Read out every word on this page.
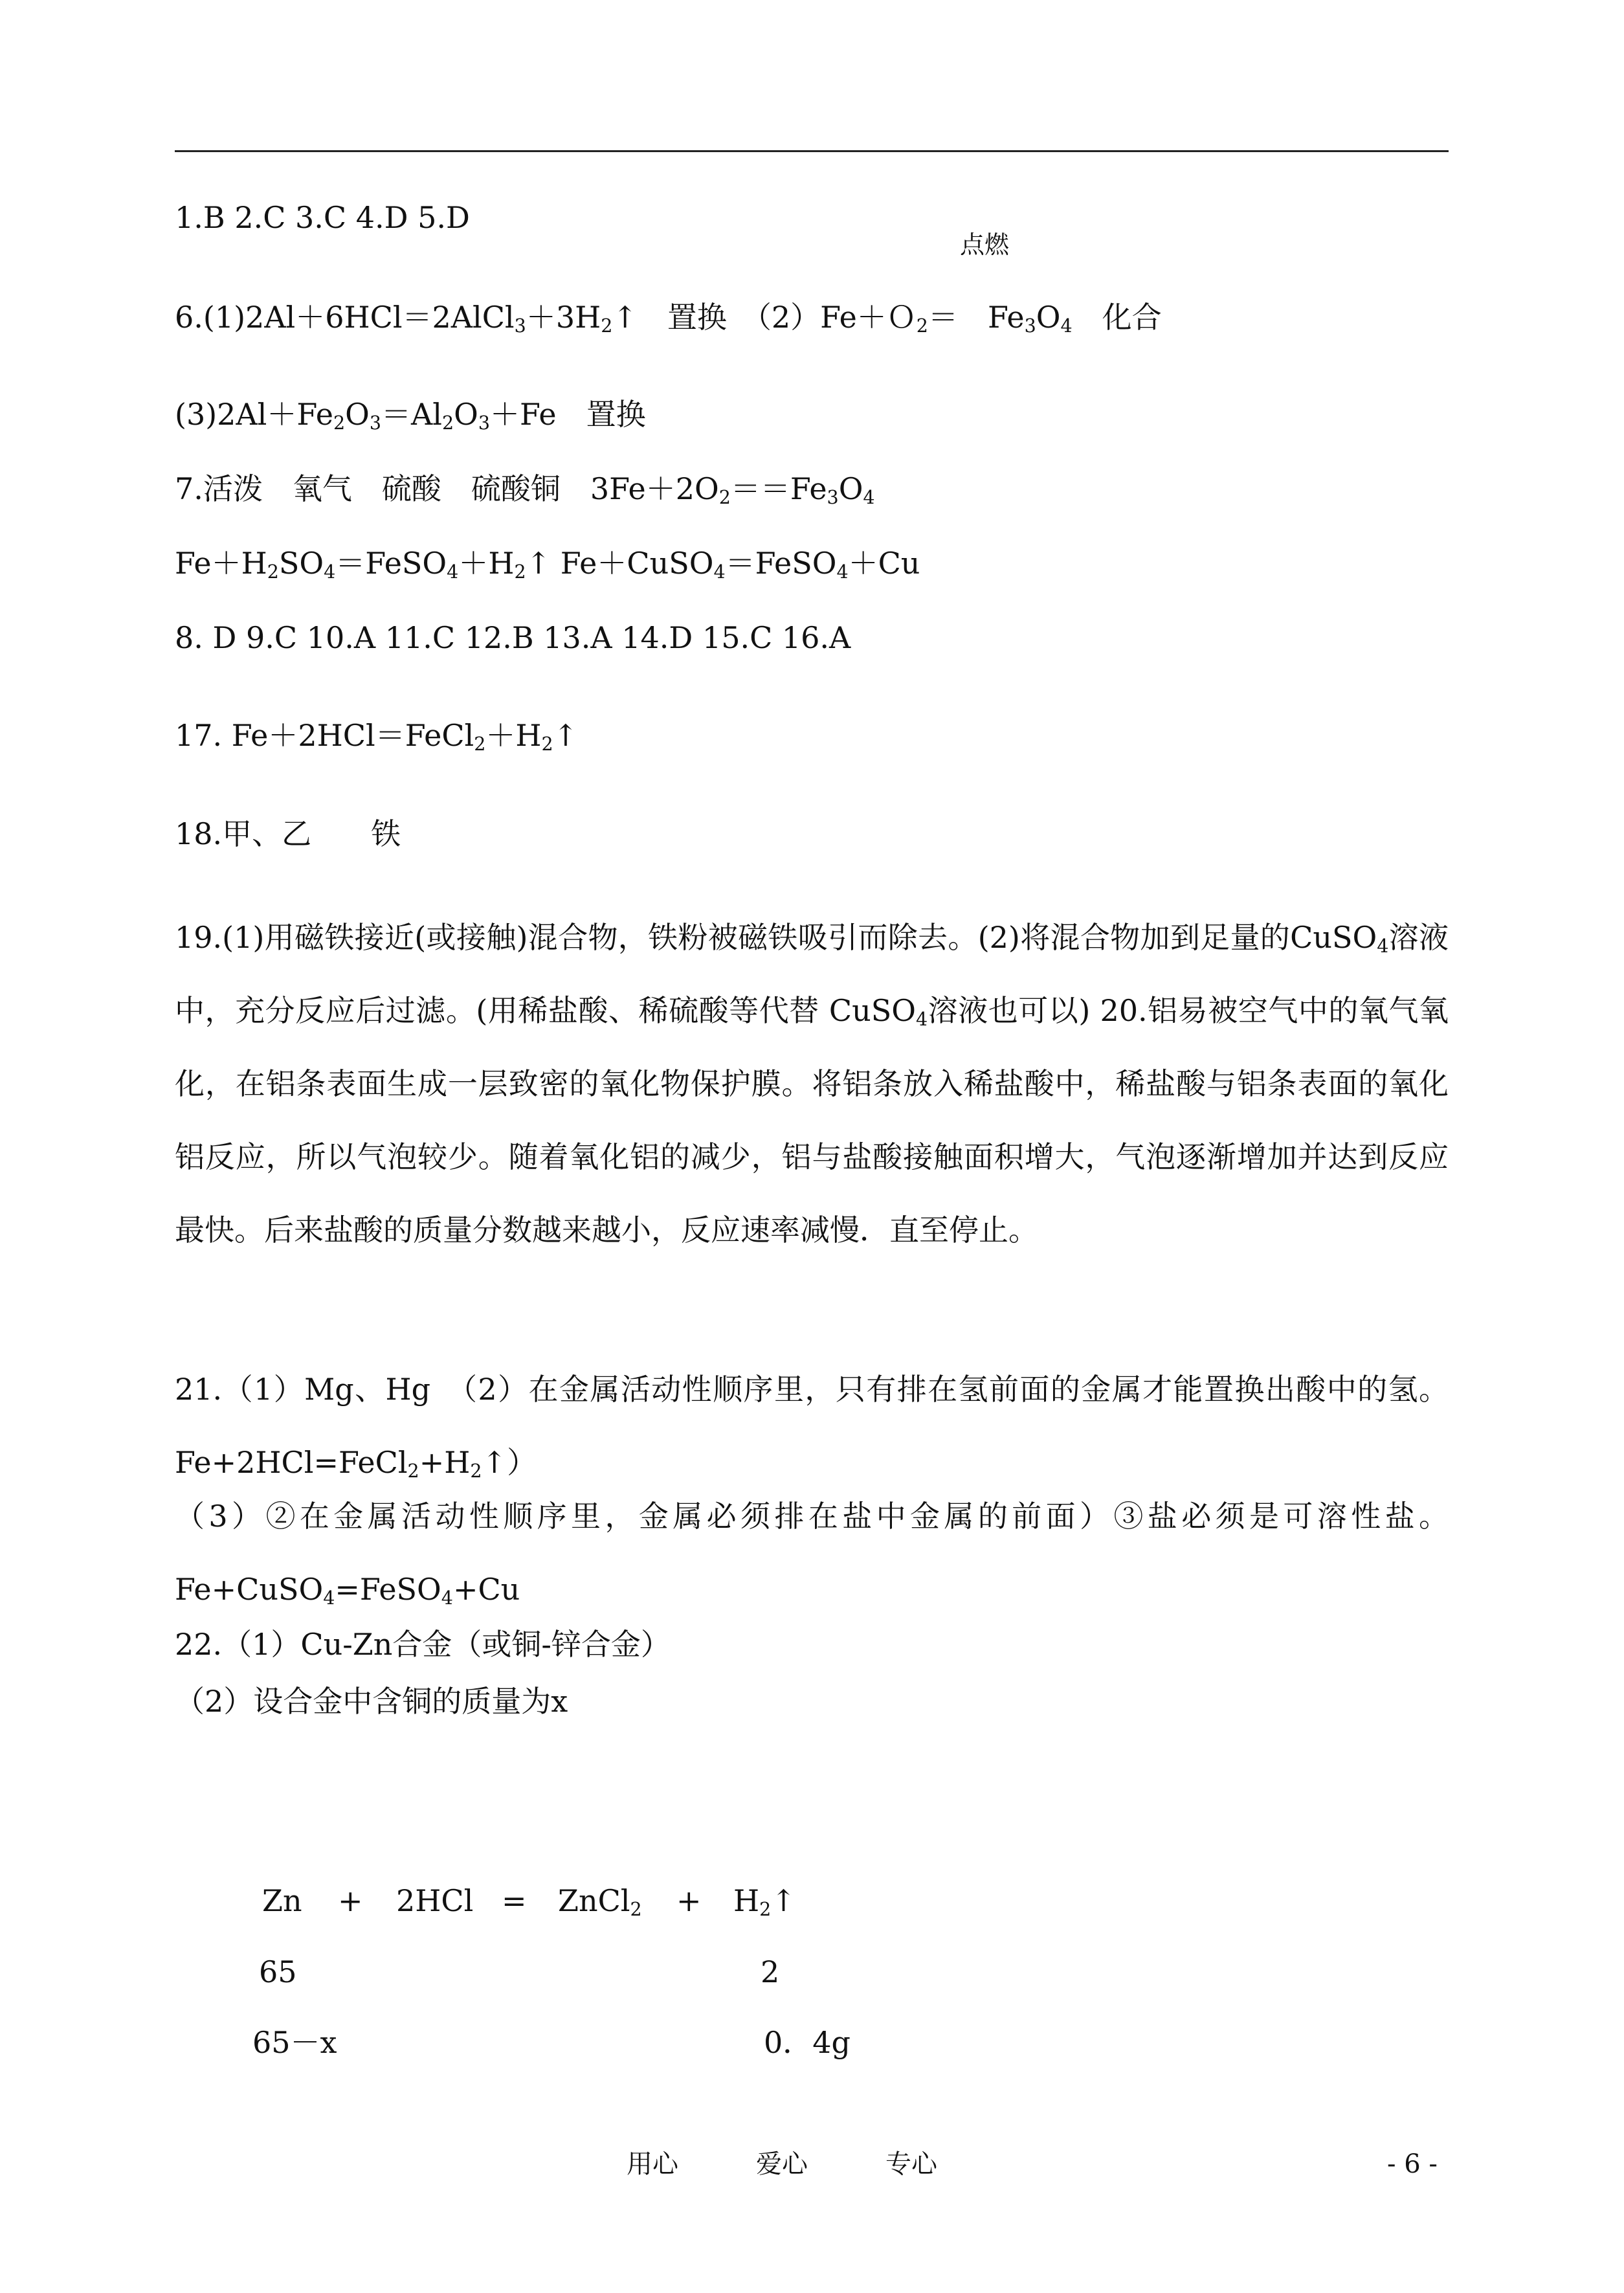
1.B 2.C 3.C 4.D 5.D
点燃
$6.(1)2Al+6HCl=2AlCl_3+3H_2↑$　置换　（2）Fe＋Ｏ$_2$＝　$Fe_3O_4$　化合
$(3)2Al+Fe_2O_3=Al_2O_3+Fe$　置换
7.活泼　氧气　硫酸　硫酸铜　$3Fe+2O_2==Fe_3O_4$
$Fe+H_2SO_4=FeSO_4+H_2↑$ Fe＋CuSO$_4$＝FeSO$_4$＋Cu
8. D 9.C 10.A 11.C 12.B 13.A 14.D 15.C 16.A
17. $Fe+2HCl=FeCl_2+H_2↑$
18.甲、乙　　铁
19.(1)用磁铁接近(或接触)混合物，铁粉被磁铁吸引而除去。(2)将混合物加到足量的CuSO$_4$溶液中，充分反应后过滤。(用稀盐酸、稀硫酸等代替 CuSO$_4$溶液也可以) 20.铝易被空气中的氧气氧化，在铝条表面生成一层致密的氧化物保护膜。将铝条放入稀盐酸中，稀盐酸与铝条表面的氧化铝反应，所以气泡较少。随着氧化铝的减少，铝与盐酸接触面积增大，气泡逐渐增加并达到反应最快。后来盐酸的质量分数越来越小，反应速率减慢．直至停止。
21.（1）Mg、Hg　（2）在金属活动性顺序里，只有排在氢前面的金属才能置换出酸中的氢。$Fe+2HCl=FeCl_2+H_2↑$）
（3）②在金属活动性顺序里，金属必须排在盐中金属的前面）③盐必须是可溶性盐。Fe+CuSO$_4$=FeSO$_4$+Cu
22.（1）Cu-Zn合金（或铜-锌合金）
（2）设合金中含铜的质量为x
Zn + 2HCl = ZnCl$_2$ + $H_2↑$
65	2
65－x	0．4g
用心　　　爱心　　　专心	- 6 -
